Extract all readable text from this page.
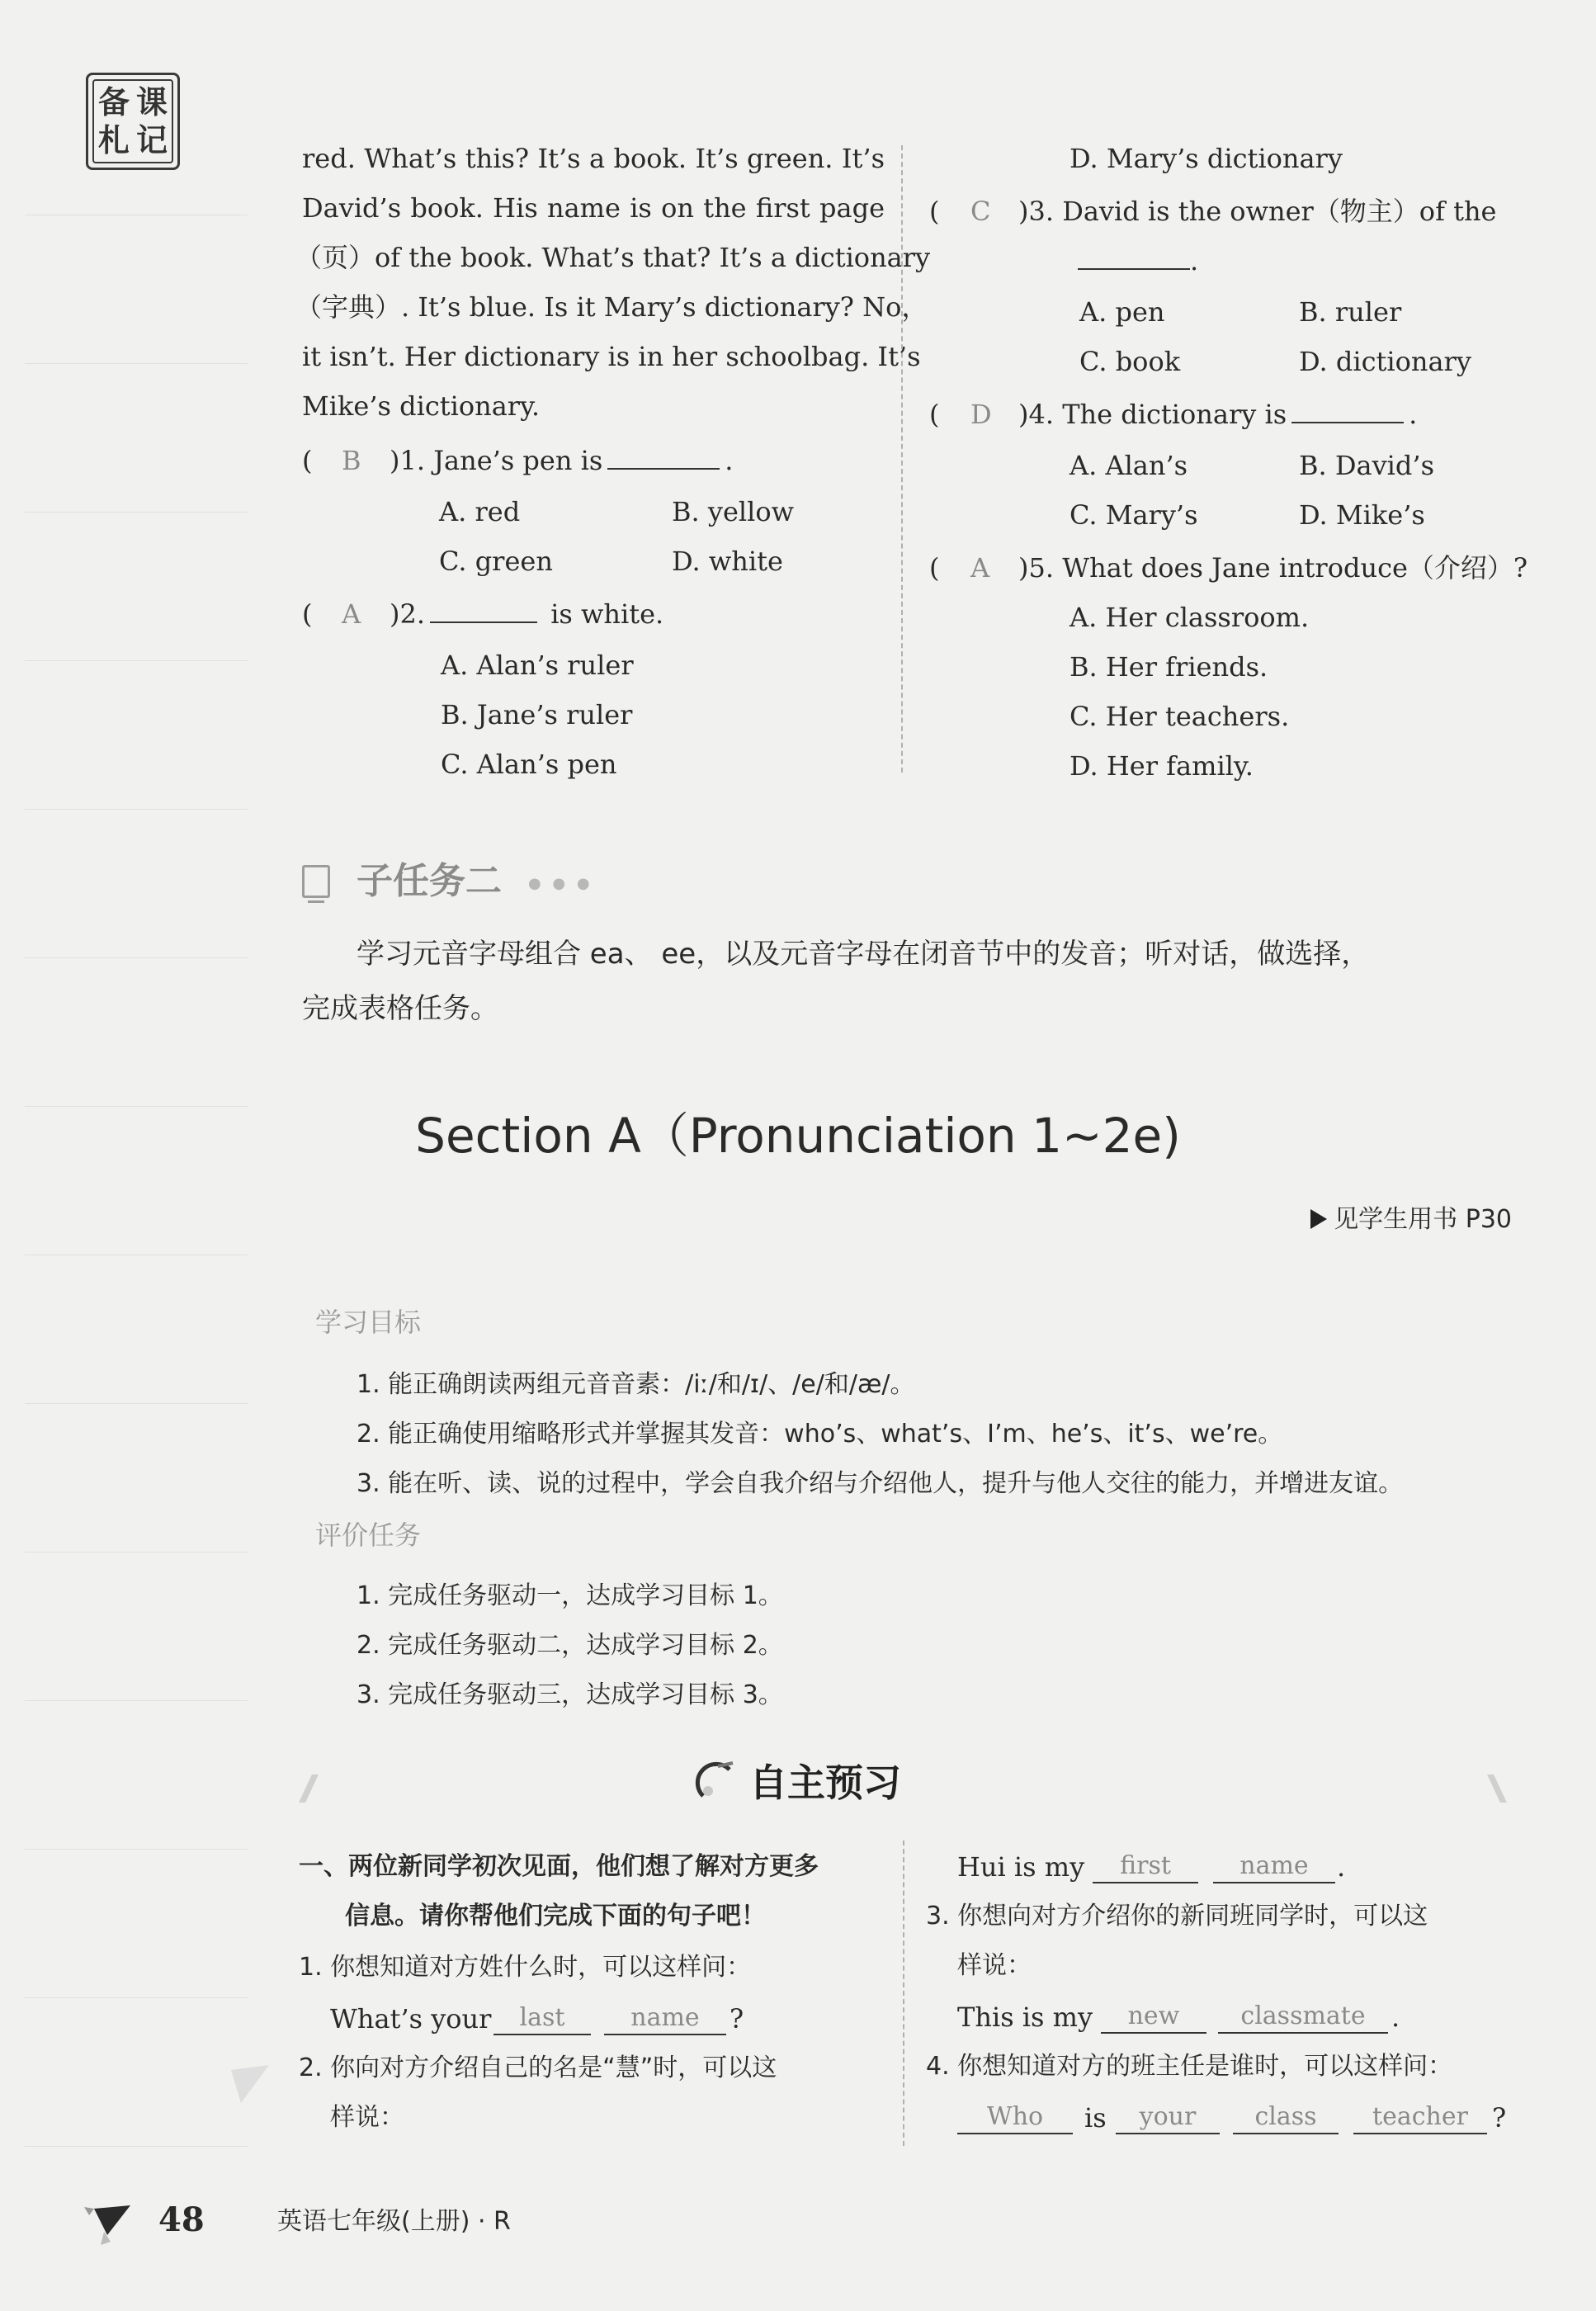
备 课
札 记	red. What’s this? It’s a book. It’s green. It’s
David’s book. His name is on the first page
（页）of the book. What’s that? It’s a dictionary
（字典）. It’s blue. Is it Mary’s dictionary? No，
it isn’t. Her dictionary is in her schoolbag. It’s
Mike’s dictionary.
( B )1. Jane’s pen is	.
A. red	B. yellow
C. green	D. white
( A )2.	is white.
A. Alan’s ruler
B. Jane’s ruler
C. Alan’s pen
D. Mary’s dictionary
( C )3. David is the owner（物主）of the
.
A. pen	B. ruler
C. book	D. dictionary
( D )4. The dictionary is	.
A. Alan’s	B. David’s
C. Mary’s	D. Mike’s
( A )5. What does Jane introduce（介绍）?
A. Her classroom.
B. Her friends.
C. Her teachers.
D. Her family.
子任务二 ● ● ●
学习元音字母组合 ea、 ee，以及元音字母在闭音节中的发音；听对话，做选择，
完成表格任务。
Section A（Pronunciation 1~2e)
见学生用书 P30
学习目标
1. 能正确朗读两组元音音素：/iː/和/ɪ/、/e/和/æ/。
2. 能正确使用缩略形式并掌握其发音：who’s、what’s、I’m、he’s、it’s、we’re。
3. 能在听、读、说的过程中，学会自我介绍与介绍他人，提升与他人交往的能力，并增进友谊。
评价任务
1. 完成任务驱动一，达成学习目标 1。
2. 完成任务驱动二，达成学习目标 2。
3. 完成任务驱动三，达成学习目标 3。
自主预习
一、两位新同学初次见面，他们想了解对方更多
信息。请你帮他们完成下面的句子吧！
1. 你想知道对方姓什么时，可以这样问：
What’s your	last	name	?
2. 你向对方介绍自己的名是“慧”时，可以这
样说：
Hui is my	first	name	.
3. 你想向对方介绍你的新同班同学时，可以这
样说：
This is my	new	classmate .
4. 你想知道对方的班主任是谁时，可以这样问：
Who	is	your	class	teacher ?
48	英语七年级(上册) · R
